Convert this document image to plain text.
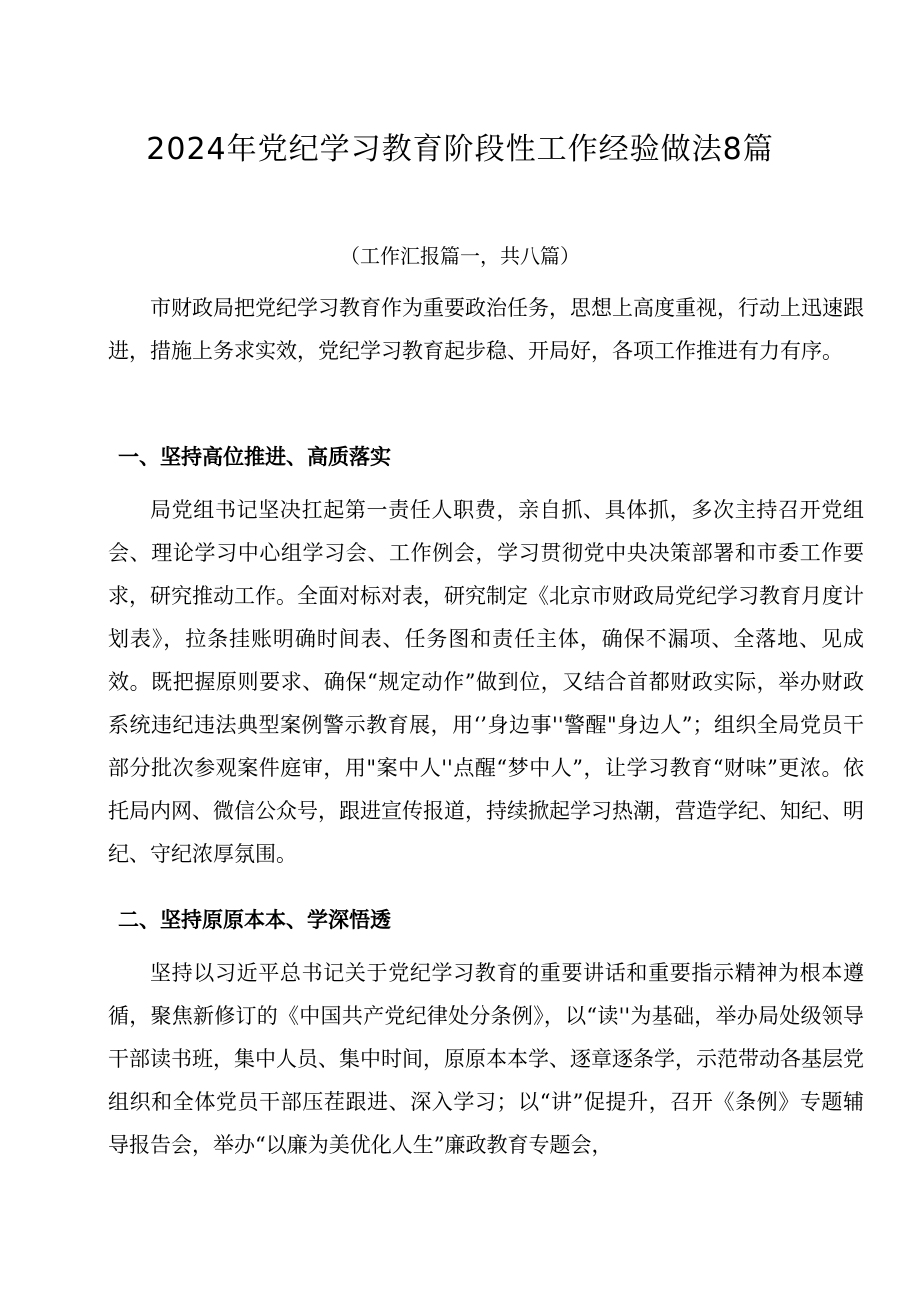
2024年党纪学习教育阶段性工作经验做法8篇

（工作汇报篇一，共八篇）

市财政局把党纪学习教育作为重要政治任务，思想上高度重视，行动上迅速跟进，措施上务求实效，党纪学习教育起步稳、开局好，各项工作推进有力有序。

一、坚持高位推进、高质落实

局党组书记坚决扛起第一责任人职费，亲自抓、具体抓，多次主持召开党组会、理论学习中心组学习会、工作例会，学习贯彻党中央决策部署和市委工作要求，研究推动工作。全面对标对表，研究制定《北京市财政局党纪学习教育月度计划表》，拉条挂账明确时间表、任务图和责任主体，确保不漏项、全落地、见成效。既把握原则要求、确保“规定动作”做到位，又结合首都财政实际，举办财政系统违纪违法典型案例警示教育展，用‘’身边事''警醒"身边人”；组织全局党员干部分批次参观案件庭审，用"案中人''点醒“梦中人”，让学习教育“财味”更浓。依托局内网、微信公众号，跟进宣传报道，持续掀起学习热潮，营造学纪、知纪、明纪、守纪浓厚氛围。

二、坚持原原本本、学深悟透

坚持以习近平总书记关于党纪学习教育的重要讲话和重要指示精神为根本遵循，聚焦新修订的《中国共产党纪律处分条例》，以“读''为基础，举办局处级领导干部读书班，集中人员、集中时间，原原本本学、逐章逐条学，示范带动各基层党组织和全体党员干部压茬跟进、深入学习；以“讲”促提升，召开《条例》专题辅导报告会，举办“以廉为美优化人生”廉政教育专题会，
